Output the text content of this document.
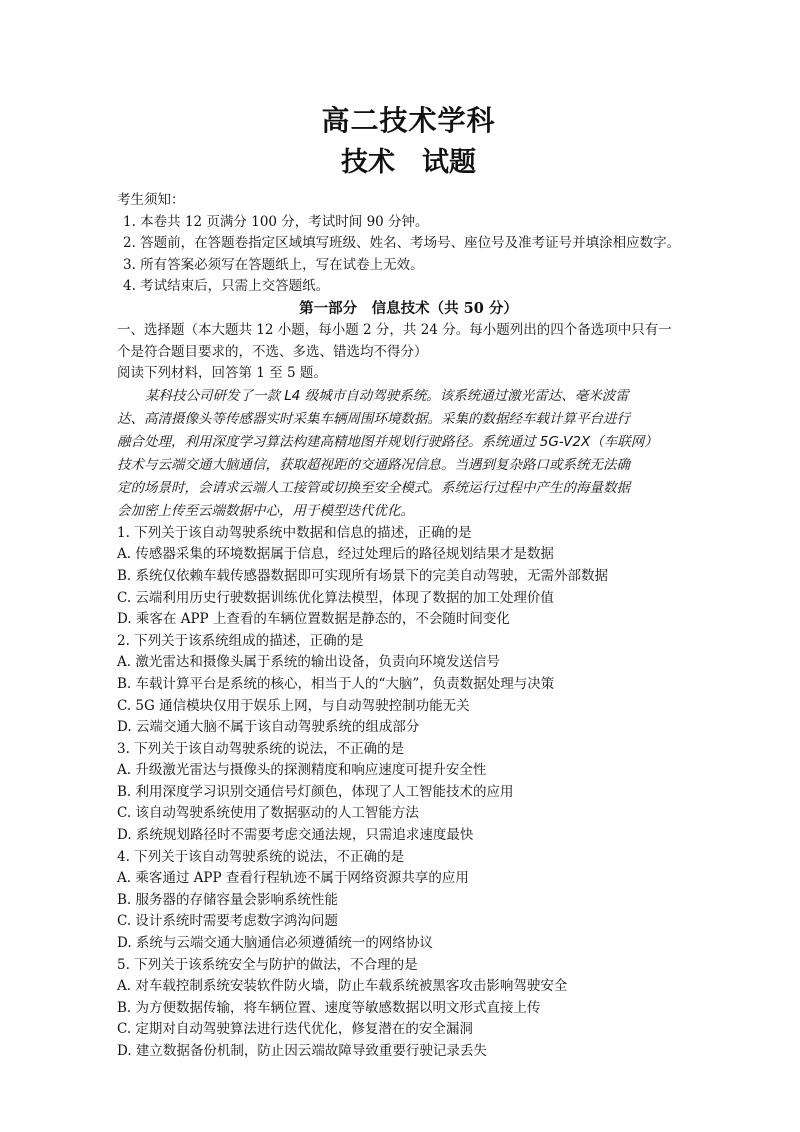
高二技术学科
技术　试题
考生须知：
1. 本卷共 12 页满分 100 分，考试时间 90 分钟。
2. 答题前，在答题卷指定区域填写班级、姓名、考场号、座位号及准考证号并填涂相应数字。
3. 所有答案必须写在答题纸上，写在试卷上无效。
4. 考试结束后，只需上交答题纸。
第一部分　信息技术（共 50 分）
一、选择题（本大题共 12 小题，每小题 2 分，共 24 分。每小题列出的四个备选项中只有一
个是符合题目要求的，不选、多选、错选均不得分）
阅读下列材料，回答第 1 至 5 题。
某科技公司研发了一款 L4 级城市自动驾驶系统。该系统通过激光雷达、毫米波雷
达、高清摄像头等传感器实时采集车辆周围环境数据。采集的数据经车载计算平台进行
融合处理，利用深度学习算法构建高精地图并规划行驶路径。系统通过 5G-V2X（车联网）
技术与云端交通大脑通信，获取超视距的交通路况信息。当遇到复杂路口或系统无法确
定的场景时，会请求云端人工接管或切换至安全模式。系统运行过程中产生的海量数据
会加密上传至云端数据中心，用于模型迭代优化。
1. 下列关于该自动驾驶系统中数据和信息的描述，正确的是
A. 传感器采集的环境数据属于信息，经过处理后的路径规划结果才是数据
B. 系统仅依赖车载传感器数据即可实现所有场景下的完美自动驾驶，无需外部数据
C. 云端利用历史行驶数据训练优化算法模型，体现了数据的加工处理价值
D. 乘客在 APP 上查看的车辆位置数据是静态的，不会随时间变化
2. 下列关于该系统组成的描述，正确的是
A. 激光雷达和摄像头属于系统的输出设备，负责向环境发送信号
B. 车载计算平台是系统的核心，相当于人的“大脑”，负责数据处理与决策
C. 5G 通信模块仅用于娱乐上网，与自动驾驶控制功能无关
D. 云端交通大脑不属于该自动驾驶系统的组成部分
3. 下列关于该自动驾驶系统的说法，不正确的是
A. 升级激光雷达与摄像头的探测精度和响应速度可提升安全性
B. 利用深度学习识别交通信号灯颜色，体现了人工智能技术的应用
C. 该自动驾驶系统使用了数据驱动的人工智能方法
D. 系统规划路径时不需要考虑交通法规，只需追求速度最快
4. 下列关于该自动驾驶系统的说法，不正确的是
A. 乘客通过 APP 查看行程轨迹不属于网络资源共享的应用
B. 服务器的存储容量会影响系统性能
C. 设计系统时需要考虑数字鸿沟问题
D. 系统与云端交通大脑通信必须遵循统一的网络协议
5. 下列关于该系统安全与防护的做法，不合理的是
A. 对车载控制系统安装软件防火墙，防止车载系统被黑客攻击影响驾驶安全
B. 为方便数据传输，将车辆位置、速度等敏感数据以明文形式直接上传
C. 定期对自动驾驶算法进行迭代优化，修复潜在的安全漏洞
D. 建立数据备份机制，防止因云端故障导致重要行驶记录丢失
